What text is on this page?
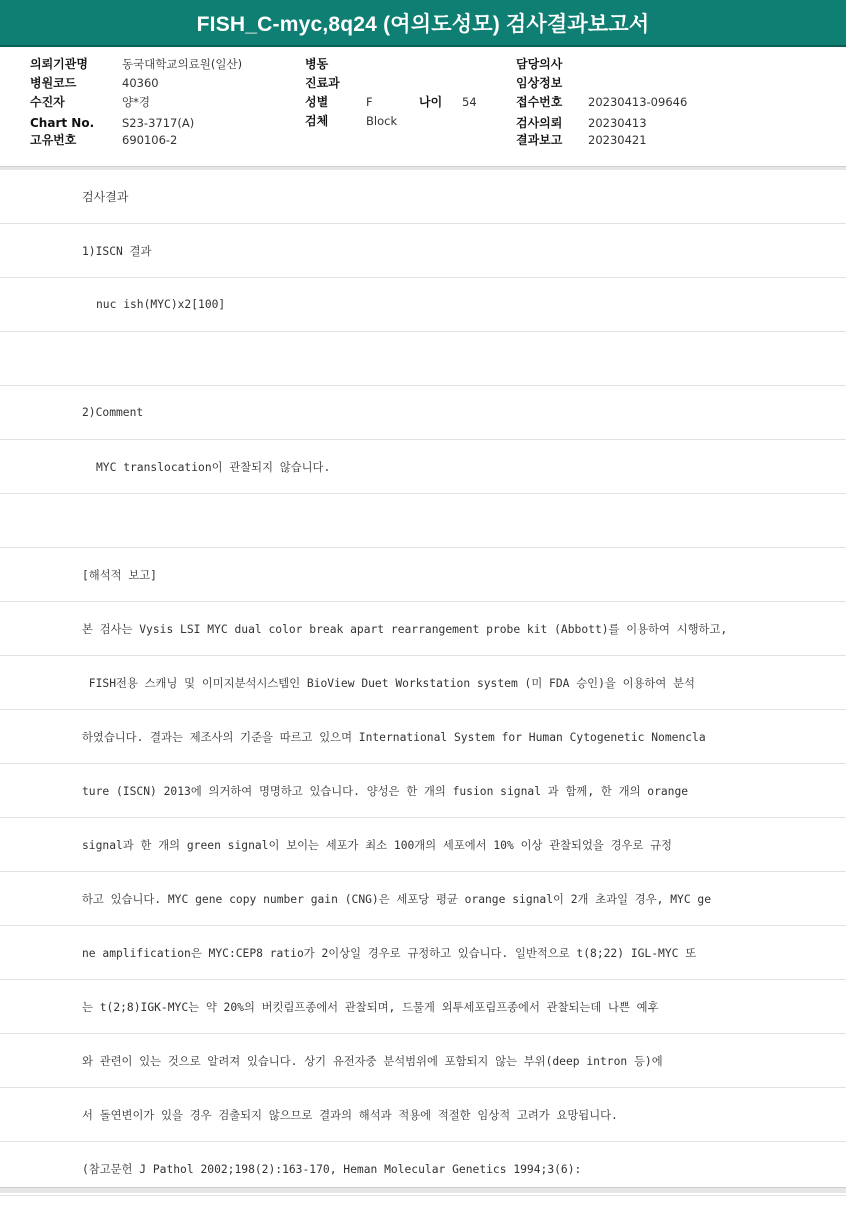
FISH_C-myc,8q24 (여의도성모) 검사결과보고서
의뢰기관명	동국대학교의료원(일산)
병원코드	40360
수진자	양*경
Chart No. S23-3717(A)
고유번호	690106-2
병동
진료과
성별	F	나이 54
검체	Block
담당의사
임상정보
접수번호 20230413-09646
검사의뢰 20230413
결과보고 20230421
검사결과
1)ISCN 결과
nuc ish(MYC)x2[100]
2)Comment
MYC translocation이 관찰되지 않습니다.
[해석적 보고]
본 검사는 Vysis LSI MYC dual color break apart rearrangement probe kit (Abbott)를 이용하여 시행하고,
FISH전용 스캐닝 및 이미지분석시스템인 BioView Duet Workstation system (미 FDA 승인)을 이용하여 분석
하였습니다. 결과는 제조사의 기준을 따르고 있으며 International System for Human Cytogenetic Nomencla
ture (ISCN) 2013에 의거하여 명명하고 있습니다. 양성은 한 개의 fusion signal 과 함께, 한 개의 orange
signal과 한 개의 green signal이 보이는 세포가 최소 100개의 세포에서 10% 이상 관찰되었을 경우로 규정
하고 있습니다. MYC gene copy number gain (CNG)은 세포당 평균 orange signal이 2개 초과일 경우, MYC ge
ne amplification은 MYC:CEP8 ratio가 2이상일 경우로 규정하고 있습니다. 일반적으로 t(8;22) IGL-MYC 또
는 t(2;8)IGK-MYC는 약 20%의 버킷림프종에서 관찰되며, 드물게 외투세포림프종에서 관찰되는데 나쁜 예후
와 관련이 있는 것으로 알려져 있습니다. 상기 유전자중 분석범위에 포함되지 않는 부위(deep intron 등)에
서 돌연변이가 있을 경우 검출되지 않으므로 결과의 해석과 적용에 적절한 임상적 고려가 요망됩니다.
(참고문헌 J Pathol 2002;198(2):163-170, Heman Molecular Genetics 1994;3(6):
